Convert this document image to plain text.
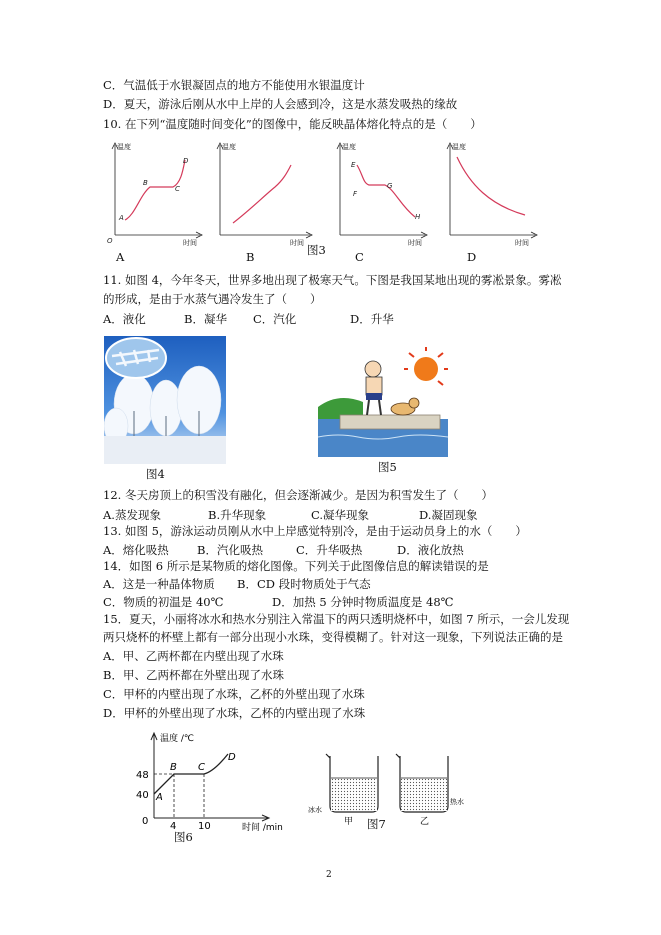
C．气温低于水银凝固点的地方不能使用水银温度计
D．夏天，游泳后刚从水中上岸的人会感到冷，这是水蒸发吸热的缘故
10. 在下列“温度随时间变化”的图像中，能反映晶体熔化特点的是（　　）
温度
时间
O
A
B
C
D
温度
时间
温度
时间
E
F
G
H
温度
时间
A	B	图3	C	D
11. 如图 4，今年冬天，世界多地出现了极寒天气。下图是我国某地出现的雾凇景象。雾凇
的形成，是由于水蒸气遇冷发生了（　　）
A．液化	B．凝华 C．汽化	D．升华
图4	图5
12. 冬天房顶上的积雪没有融化，但会逐渐减少。是因为积雪发生了（　　）
A.蒸发现象	B.升华现象	C.凝华现象	D.凝固现象
13. 如图 5，游泳运动员刚从水中上岸感觉特别冷，是由于运动员身上的水（　　）
A．熔化吸热 B．汽化吸热	C．升华吸热	D．液化放热
14．如图 6 所示是某物质的熔化图像。下列关于此图像信息的解读错误的是
A．这是一种晶体物质 B．CD 段时物质处于气态
C．物质的初温是 40℃	D．加热 5 分钟时物质温度是 48℃
15．夏天，小丽将冰水和热水分别注入常温下的两只透明烧杯中，如图 7 所示，一会儿发现
两只烧杯的杯壁上都有一部分出现小水珠，变得模糊了。针对这一现象，下列说法正确的是
A．甲、乙两杯都在内壁出现了水珠
B．甲、乙两杯都在外壁出现了水珠
C．甲杯的内壁出现了水珠，乙杯的外壁出现了水珠
D．甲杯的外壁出现了水珠，乙杯的内壁出现了水珠
温度 /℃
时间 /min
48
40
0 4 10
A
B C
D
图6
冰水
甲
热水
乙
图7
2
